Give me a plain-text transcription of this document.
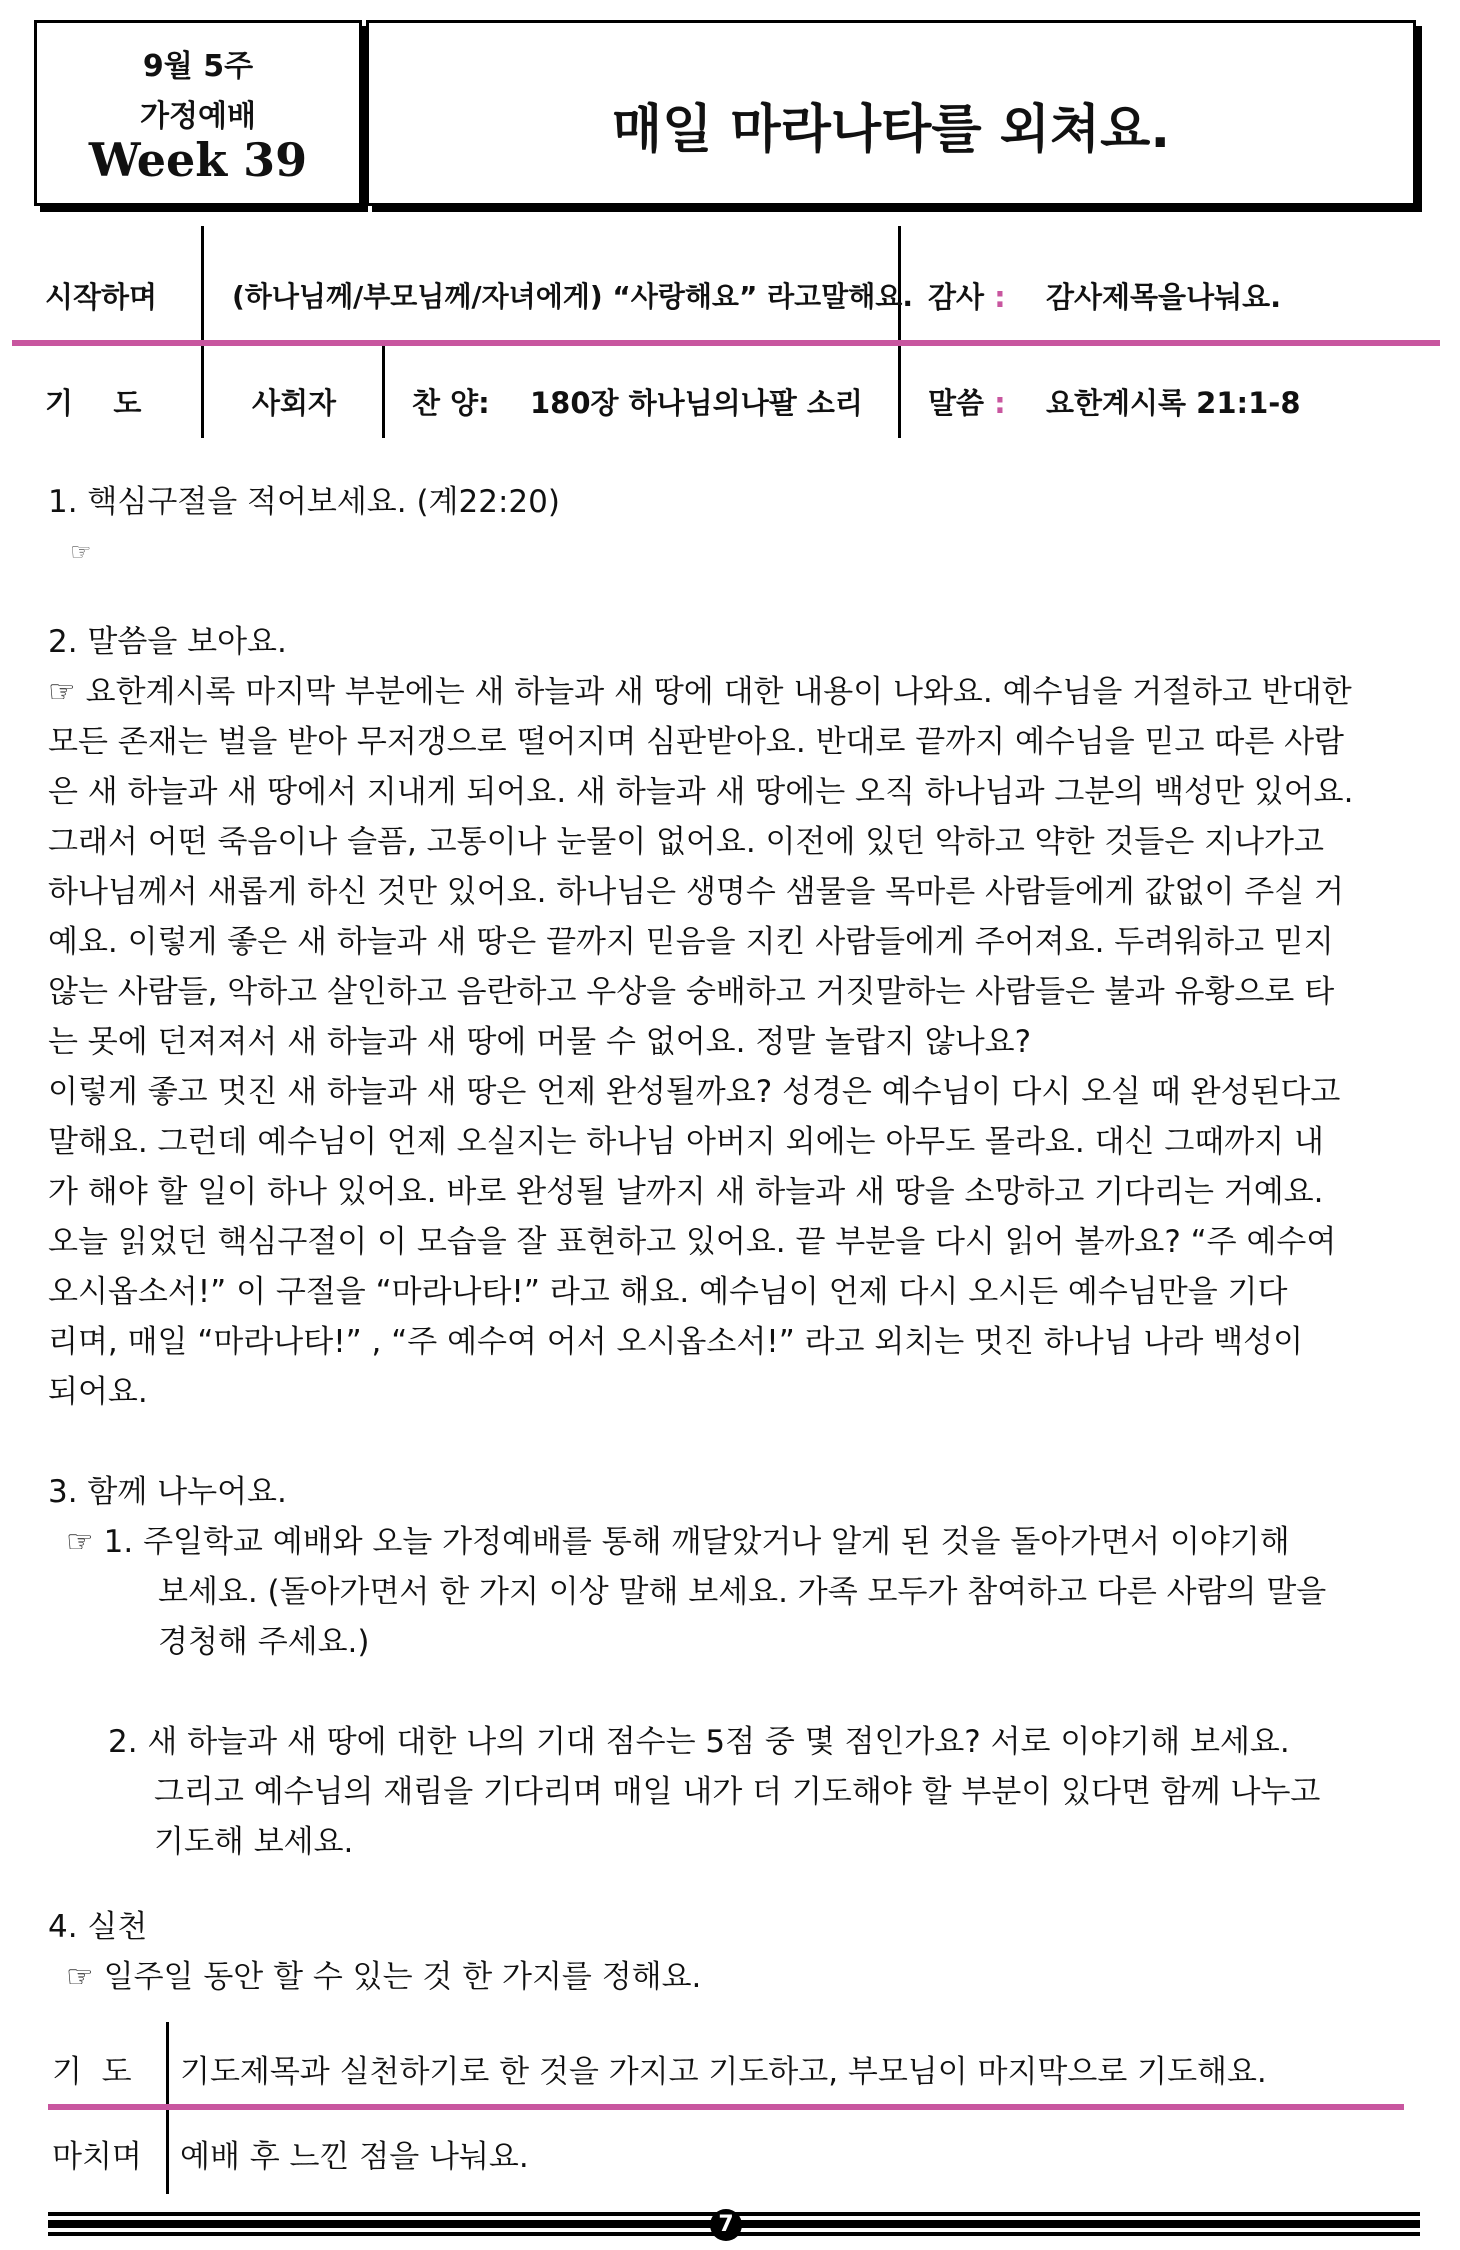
9월 5주
가정예배
Week 39	매일 마라나타를 외쳐요.
시작하며	(하나님께/부모님께/자녀에게) “사랑해요” 라고말해요. 감사 : 감사제목을나눠요.
기    도	사회자	찬 양: 180장 하나님의나팔 소리 말씀 : 요한계시록 21:1-8
1. 핵심구절을 적어보세요. (계22:20)
☞
2. 말씀을 보아요.
☞ 요한계시록 마지막 부분에는 새 하늘과 새 땅에 대한 내용이 나와요. 예수님을 거절하고 반대한
모든 존재는 벌을 받아 무저갱으로 떨어지며 심판받아요. 반대로 끝까지 예수님을 믿고 따른 사람
은 새 하늘과 새 땅에서 지내게 되어요. 새 하늘과 새 땅에는 오직 하나님과 그분의 백성만 있어요.
그래서 어떤 죽음이나 슬픔, 고통이나 눈물이 없어요. 이전에 있던 악하고 약한 것들은 지나가고
하나님께서 새롭게 하신 것만 있어요. 하나님은 생명수 샘물을 목마른 사람들에게 값없이 주실 거
예요. 이렇게 좋은 새 하늘과 새 땅은 끝까지 믿음을 지킨 사람들에게 주어져요. 두려워하고 믿지
않는 사람들, 악하고 살인하고 음란하고 우상을 숭배하고 거짓말하는 사람들은 불과 유황으로 타
는 못에 던져져서 새 하늘과 새 땅에 머물 수 없어요. 정말 놀랍지 않나요?
이렇게 좋고 멋진 새 하늘과 새 땅은 언제 완성될까요? 성경은 예수님이 다시 오실 때 완성된다고
말해요. 그런데 예수님이 언제 오실지는 하나님 아버지 외에는 아무도 몰라요. 대신 그때까지 내
가 해야 할 일이 하나 있어요. 바로 완성될 날까지 새 하늘과 새 땅을 소망하고 기다리는 거예요.
오늘 읽었던 핵심구절이 이 모습을 잘 표현하고 있어요. 끝 부분을 다시 읽어 볼까요? “주 예수여
오시옵소서!” 이 구절을 “마라나타!” 라고 해요. 예수님이 언제 다시 오시든 예수님만을 기다
리며, 매일 “마라나타!” , “주 예수여 어서 오시옵소서!” 라고 외치는 멋진 하나님 나라 백성이
되어요.
3. 함께 나누어요.
☞ 1. 주일학교 예배와 오늘 가정예배를 통해 깨달았거나 알게 된 것을 돌아가면서 이야기해
보세요. (돌아가면서 한 가지 이상 말해 보세요. 가족 모두가 참여하고 다른 사람의 말을
경청해 주세요.)
2. 새 하늘과 새 땅에 대한 나의 기대 점수는 5점 중 몇 점인가요? 서로 이야기해 보세요.
그리고 예수님의 재림을 기다리며 매일 내가 더 기도해야 할 부분이 있다면 함께 나누고
기도해 보세요.
4. 실천
☞ 일주일 동안 할 수 있는 것 한 가지를 정해요.
기  도 기도제목과 실천하기로 한 것을 가지고 기도하고, 부모님이 마지막으로 기도해요.
마치며 예배 후 느낀 점을 나눠요.
7
